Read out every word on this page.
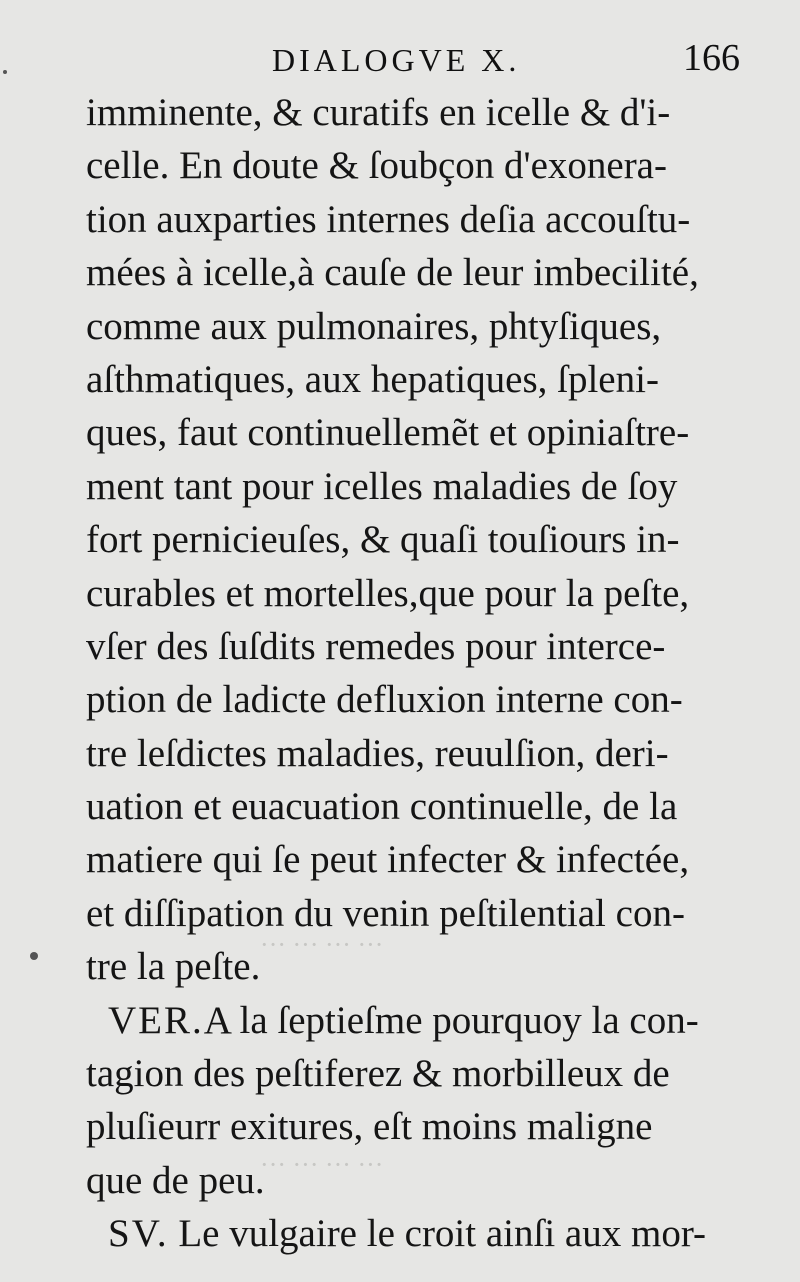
··· ··· ··· ···
··· ··· ··· ···
DIALOGVE X.	166
imminente, & curatifs en icelle & d'i-
celle. En doute & ſoubçon d'exonera-
tion auxparties internes deſia accouſtu-
mées à icelle,à cauſe de leur imbecilité,
comme aux pulmonaires, phtyſiques,
aſthmatiques, aux hepatiques, ſpleni-
ques, faut continuellemẽt et opiniaſtre-
ment tant pour icelles maladies de ſoy
fort pernicieuſes, & quaſi touſiours in-
curables et mortelles,que pour la peſte,
vſer des ſuſdits remedes pour interce-
ption de ladicte defluxion interne con-
tre leſdictes maladies, reuulſion, deri-
uation et euacuation continuelle, de la
matiere qui ſe peut infecter & infectée,
et diſſipation du venin peſtilential con-
tre la peſte.
VER.A la ſeptieſme pourquoy la con-
tagion des peſtiferez & morbilleux de
pluſieurr exitures, eſt moins maligne
que de peu.
SV. Le vulgaire le croit ainſi aux mor-
